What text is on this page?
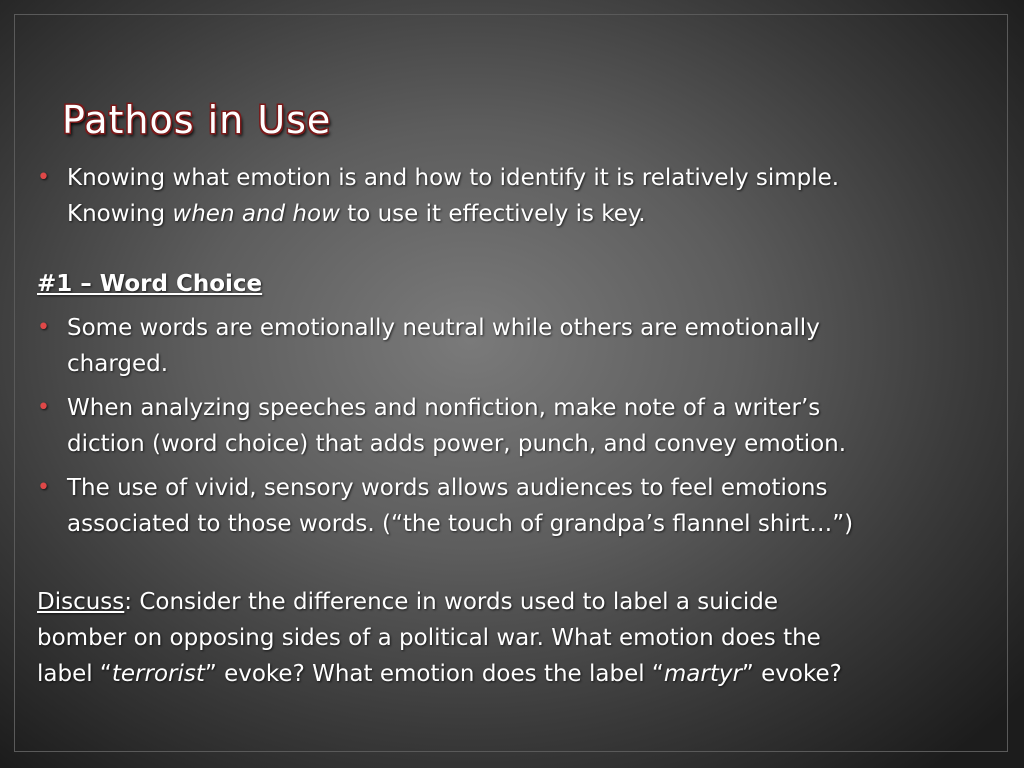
Pathos in Use
• Knowing what emotion is and how to identify it is relatively simple.
Knowing when and how to use it effectively is key.
#1 – Word Choice
• Some words are emotionally neutral while others are emotionally
charged.
• When analyzing speeches and nonfiction, make note of a writer’s
diction (word choice) that adds power, punch, and convey emotion.
• The use of vivid, sensory words allows audiences to feel emotions
associated to those words. (“the touch of grandpa’s flannel shirt…”)
Discuss: Consider the difference in words used to label a suicide
bomber on opposing sides of a political war. What emotion does the
label “terrorist” evoke? What emotion does the label “martyr” evoke?
